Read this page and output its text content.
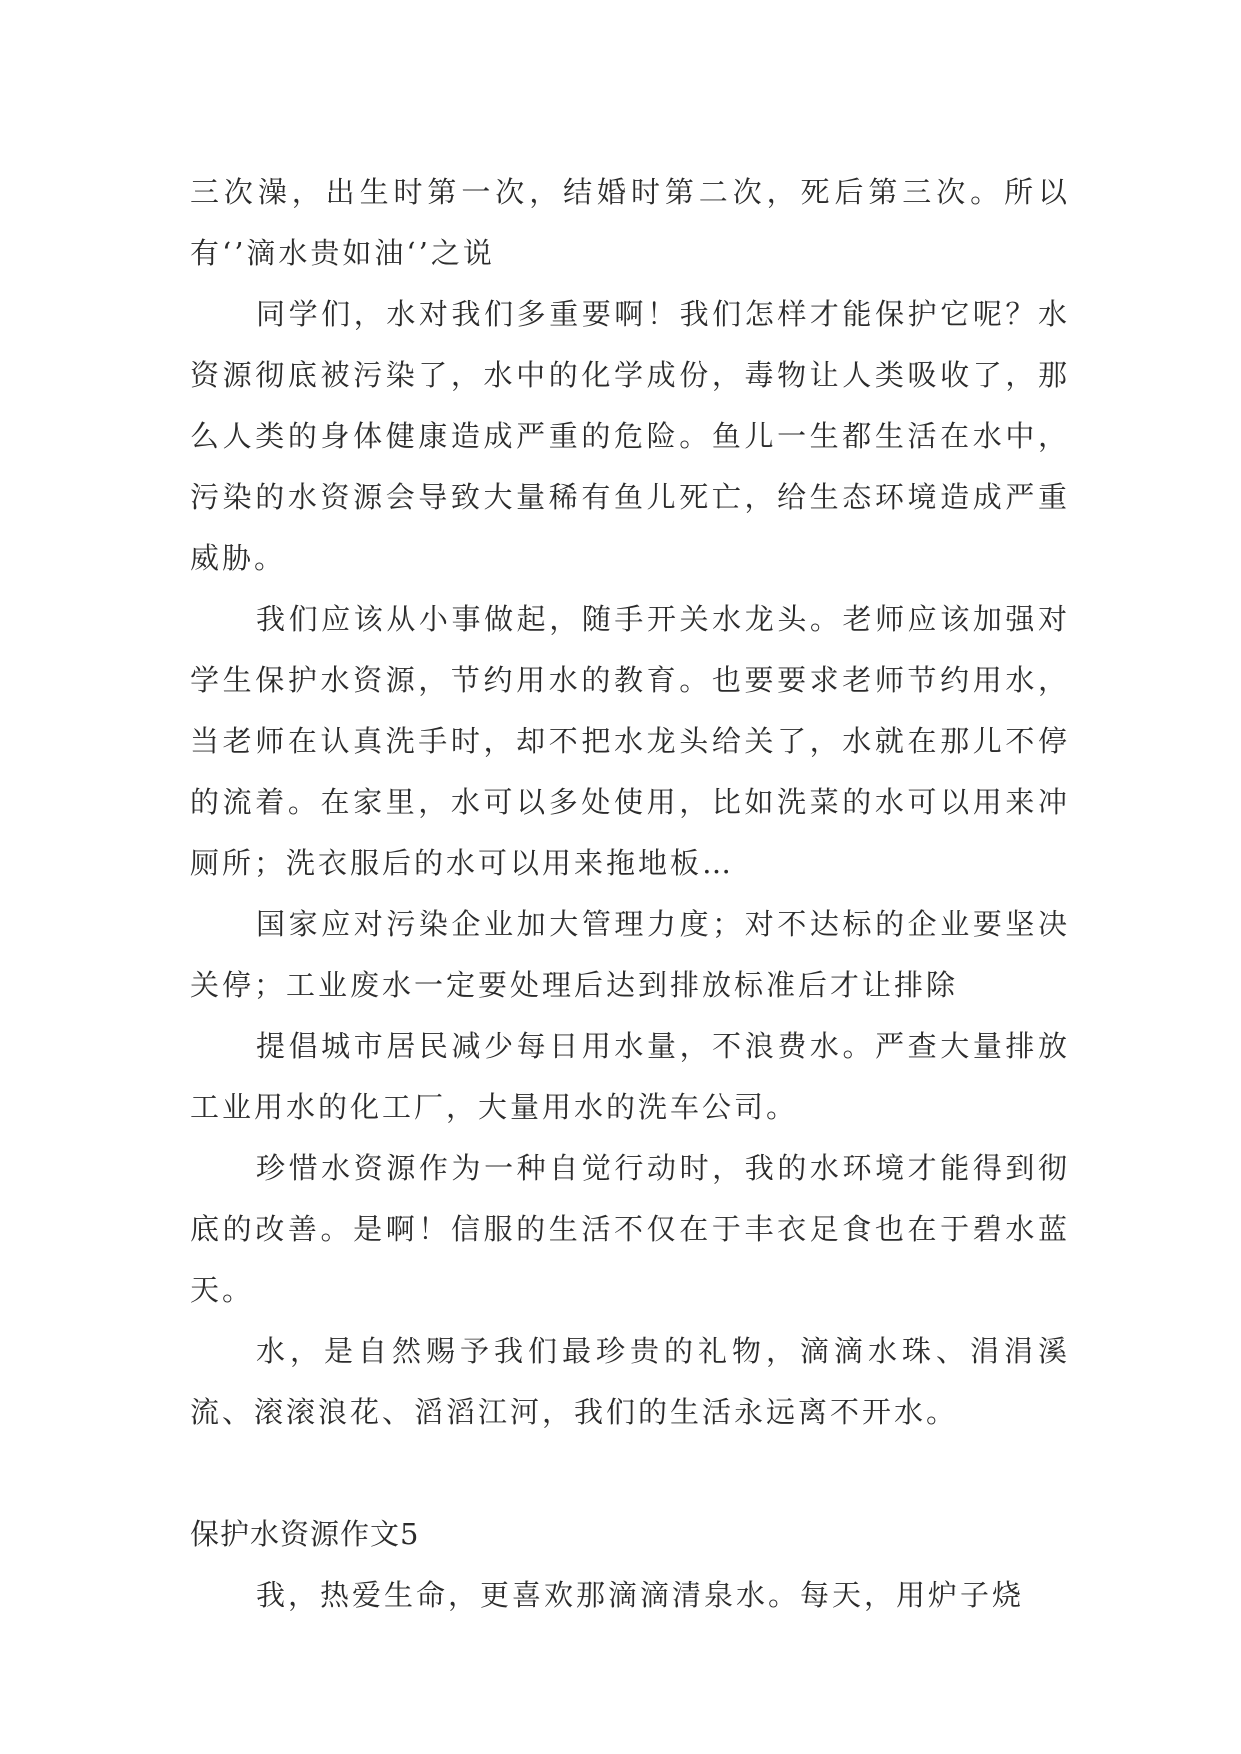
三次澡，出生时第一次，结婚时第二次，死后第三次。所以有‘’滴水贵如油‘’之说

同学们，水对我们多重要啊！我们怎样才能保护它呢？水资源彻底被污染了，水中的化学成份，毒物让人类吸收了，那么人类的身体健康造成严重的危险。鱼儿一生都生活在水中，污染的水资源会导致大量稀有鱼儿死亡，给生态环境造成严重威胁。

我们应该从小事做起，随手开关水龙头。老师应该加强对学生保护水资源，节约用水的教育。也要要求老师节约用水，当老师在认真洗手时，却不把水龙头给关了，水就在那儿不停的流着。在家里，水可以多处使用，比如洗菜的水可以用来冲厕所；洗衣服后的水可以用来拖地板…

国家应对污染企业加大管理力度；对不达标的企业要坚决关停；工业废水一定要处理后达到排放标准后才让排除

提倡城市居民减少每日用水量，不浪费水。严查大量排放工业用水的化工厂，大量用水的洗车公司。

珍惜水资源作为一种自觉行动时，我的水环境才能得到彻底的改善。是啊！信服的生活不仅在于丰衣足食也在于碧水蓝天。

水，是自然赐予我们最珍贵的礼物，滴滴水珠、涓涓溪流、滚滚浪花、滔滔江河，我们的生活永远离不开水。

保护水资源作文5

我，热爱生命，更喜欢那滴滴清泉水。每天，用炉子烧
